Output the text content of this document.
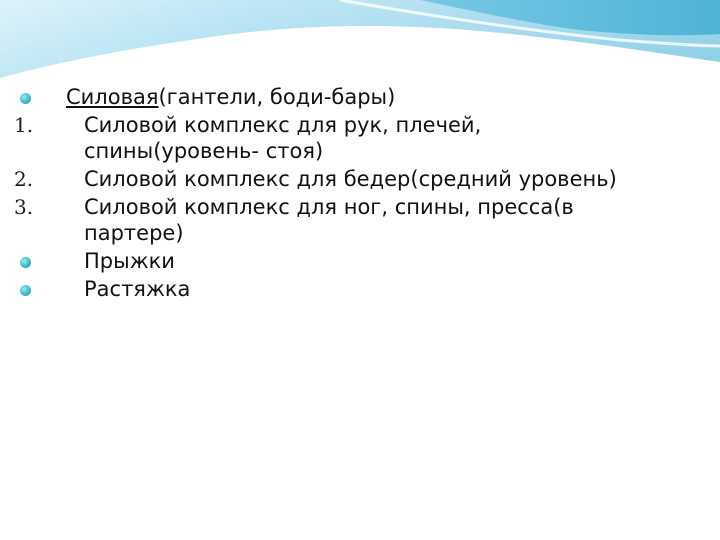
Силовая(гантели, боди-бары)
1.	Силовой комплекс для рук, плечей,
спины(уровень- стоя)
2.	Силовой комплекс для бедер(средний уровень)
3.	Силовой комплекс для ног, спины, пресса(в
партере)
Прыжки
Растяжка
